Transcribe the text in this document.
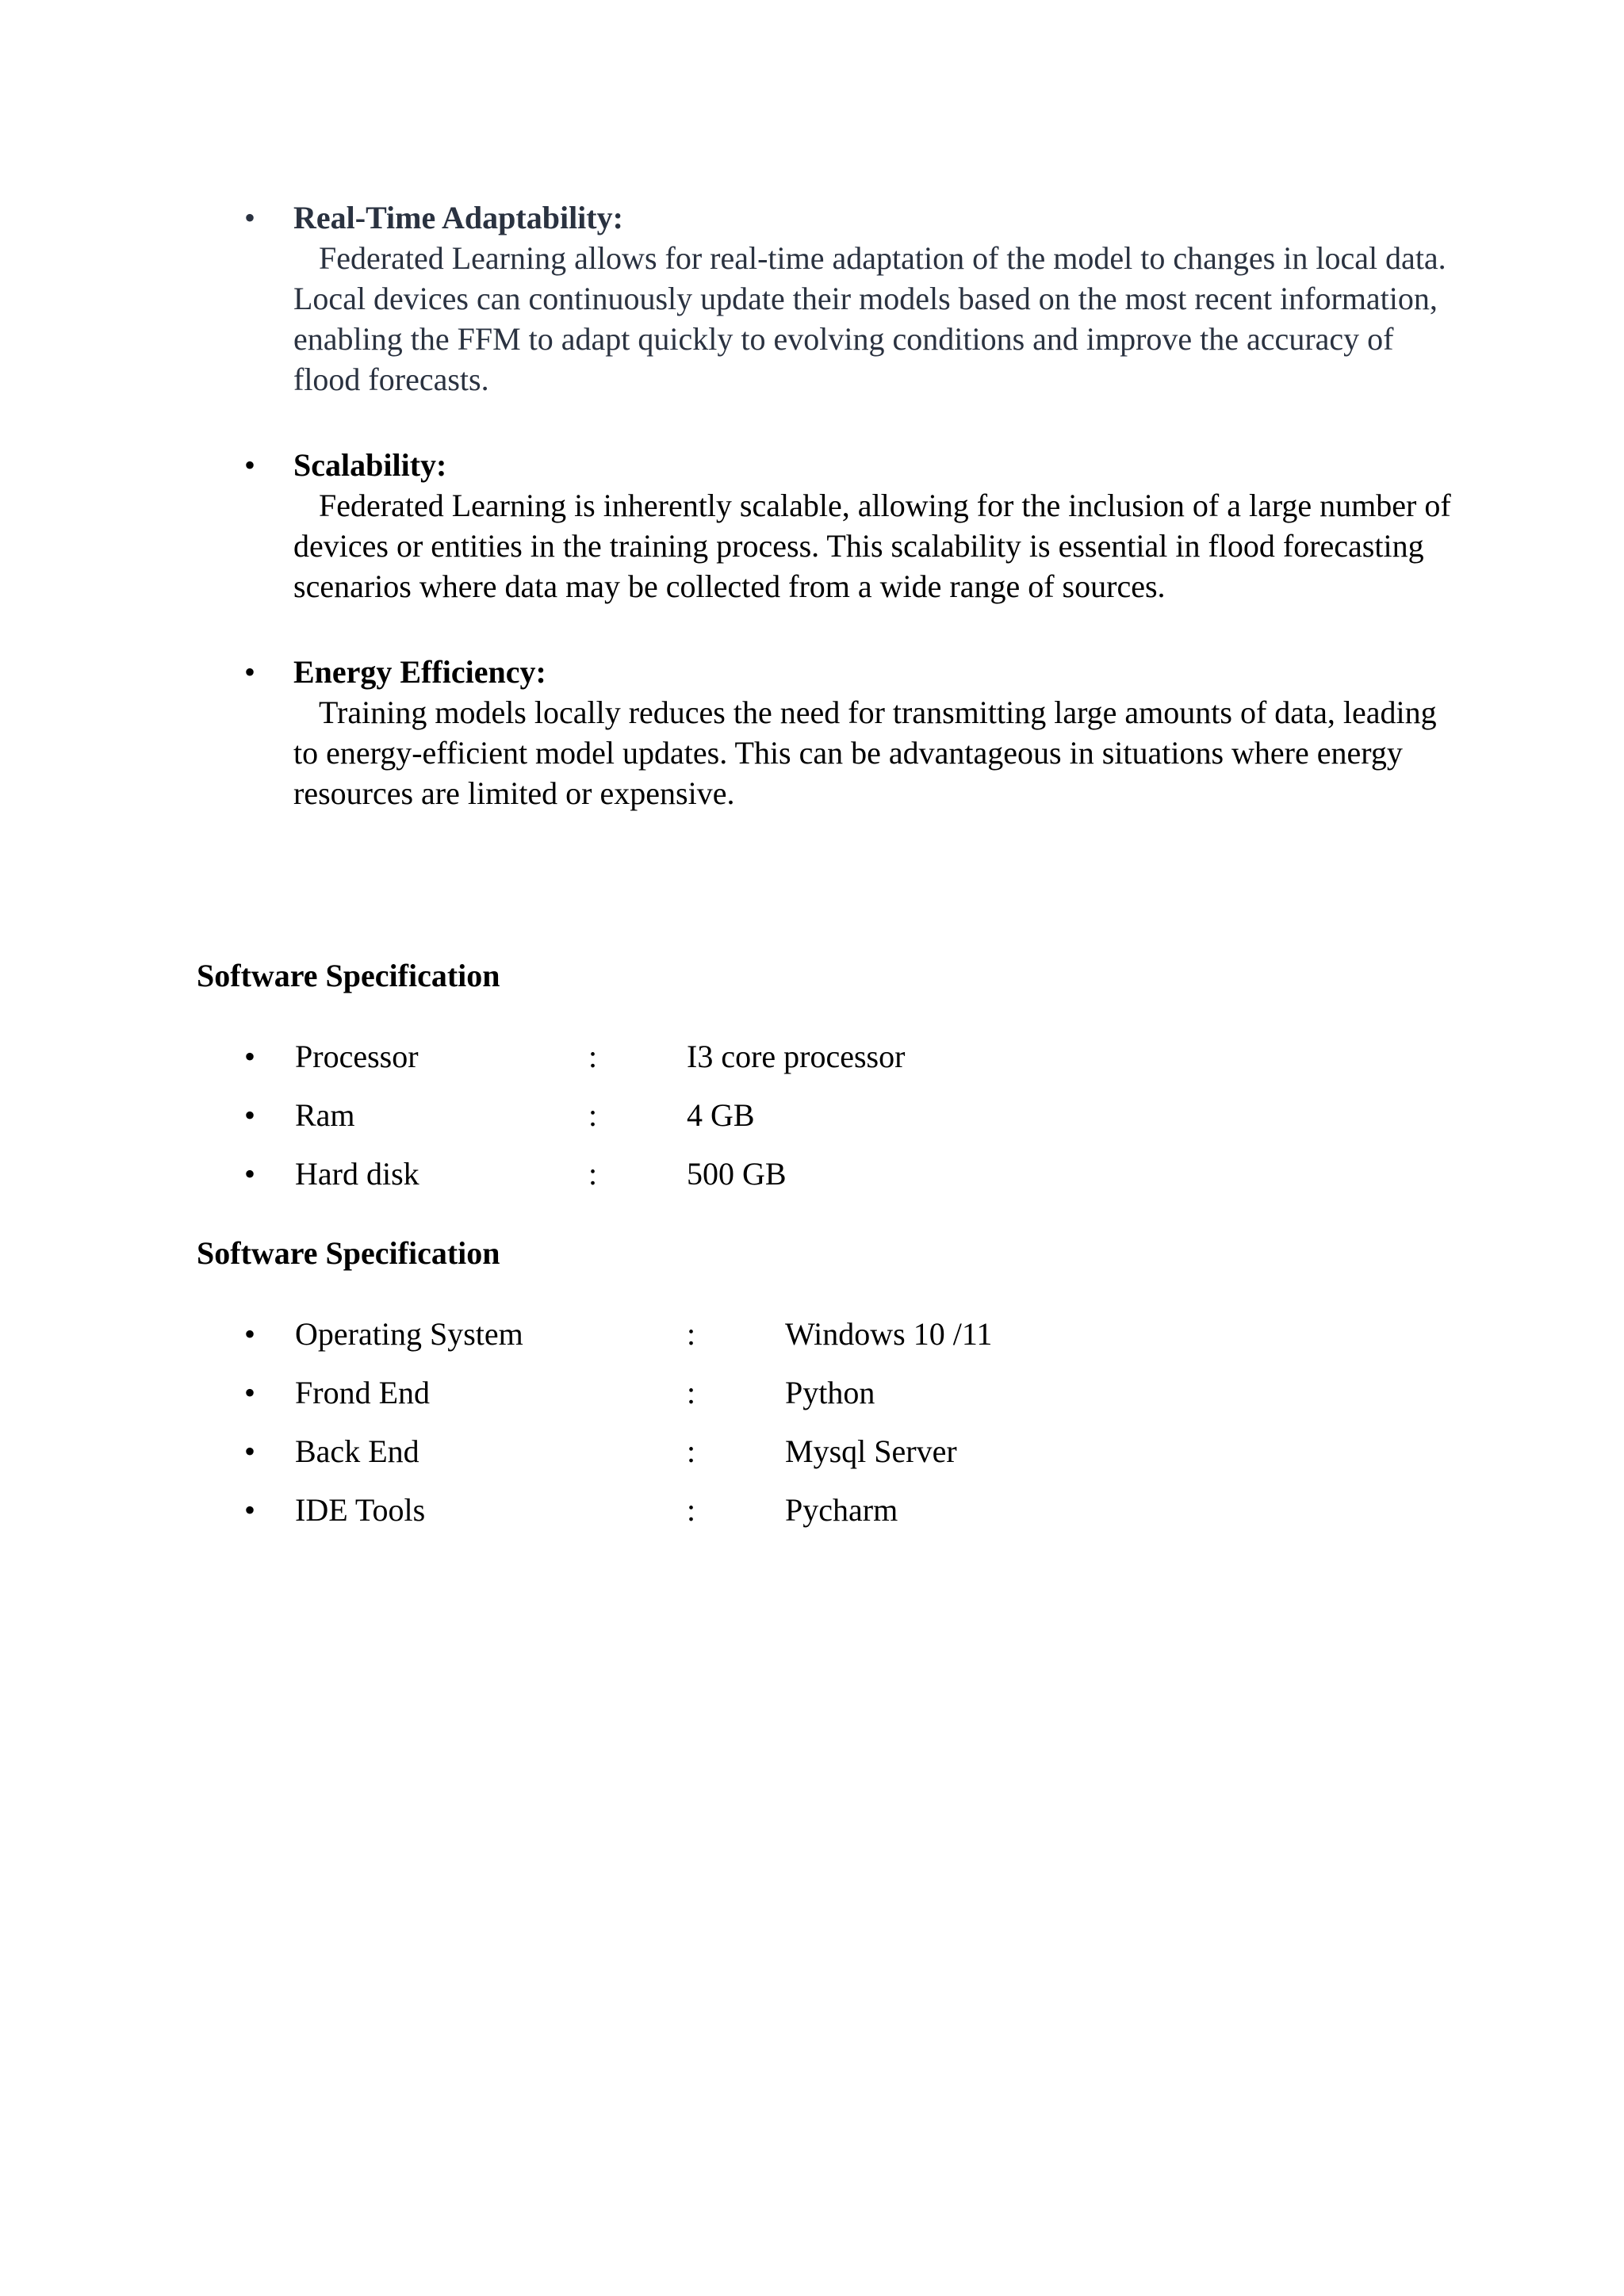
• Real-Time Adaptability:
Federated Learning allows for real-time adaptation of the model to changes in local data. Local devices can continuously update their models based on the most recent information, enabling the FFM to adapt quickly to evolving conditions and improve the accuracy of flood forecasts.
• Scalability:
Federated Learning is inherently scalable, allowing for the inclusion of a large number of devices or entities in the training process. This scalability is essential in flood forecasting scenarios where data may be collected from a wide range of sources.
• Energy Efficiency:
Training models locally reduces the need for transmitting large amounts of data, leading to energy-efficient model updates. This can be advantageous in situations where energy resources are limited or expensive.
Software Specification
• Processor	:	I3 core processor
• Ram	:	4 GB
• Hard disk	:	500 GB
Software Specification
• Operating System	:	Windows 10 /11
• Frond End	:	Python
• Back End	:	Mysql Server
• IDE Tools	:	Pycharm
